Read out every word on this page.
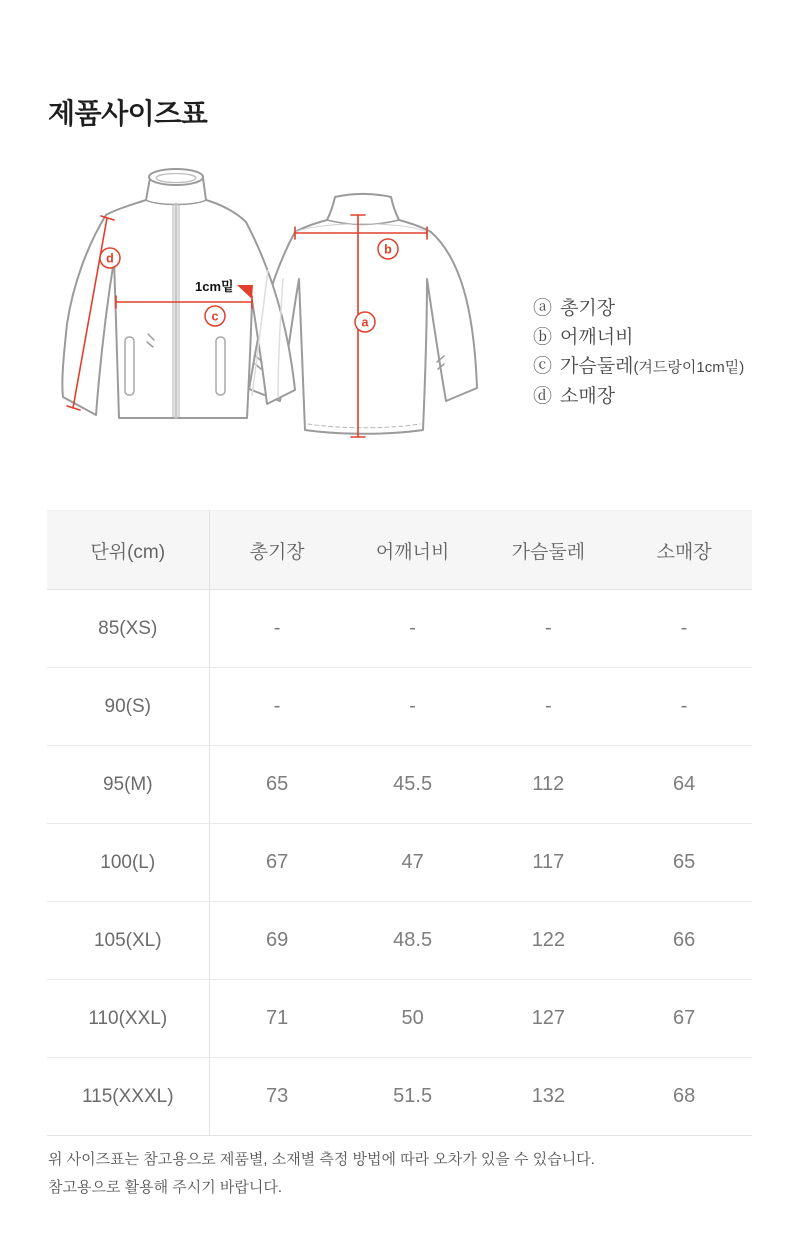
제품사이즈표
d
c
b
a
1cm밑
ⓐ 총기장
ⓑ 어깨너비
ⓒ 가슴둘레(겨드랑이1cm밑)
ⓓ 소매장
단위(cm)	총기장	어깨너비	가슴둘레	소매장
85(XS)	-	-	-	-
90(S)	-	-	-	-
95(M)	65	45.5	112	64
100(L)	67	47	117	65
105(XL)	69	48.5	122	66
110(XXL)	71	50	127	67
115(XXXL)	73	51.5	132	68

위 사이즈표는 참고용으로 제품별, 소재별 측정 방법에 따라 오차가 있을 수 있습니다.

참고용으로 활용해 주시기 바랍니다.
